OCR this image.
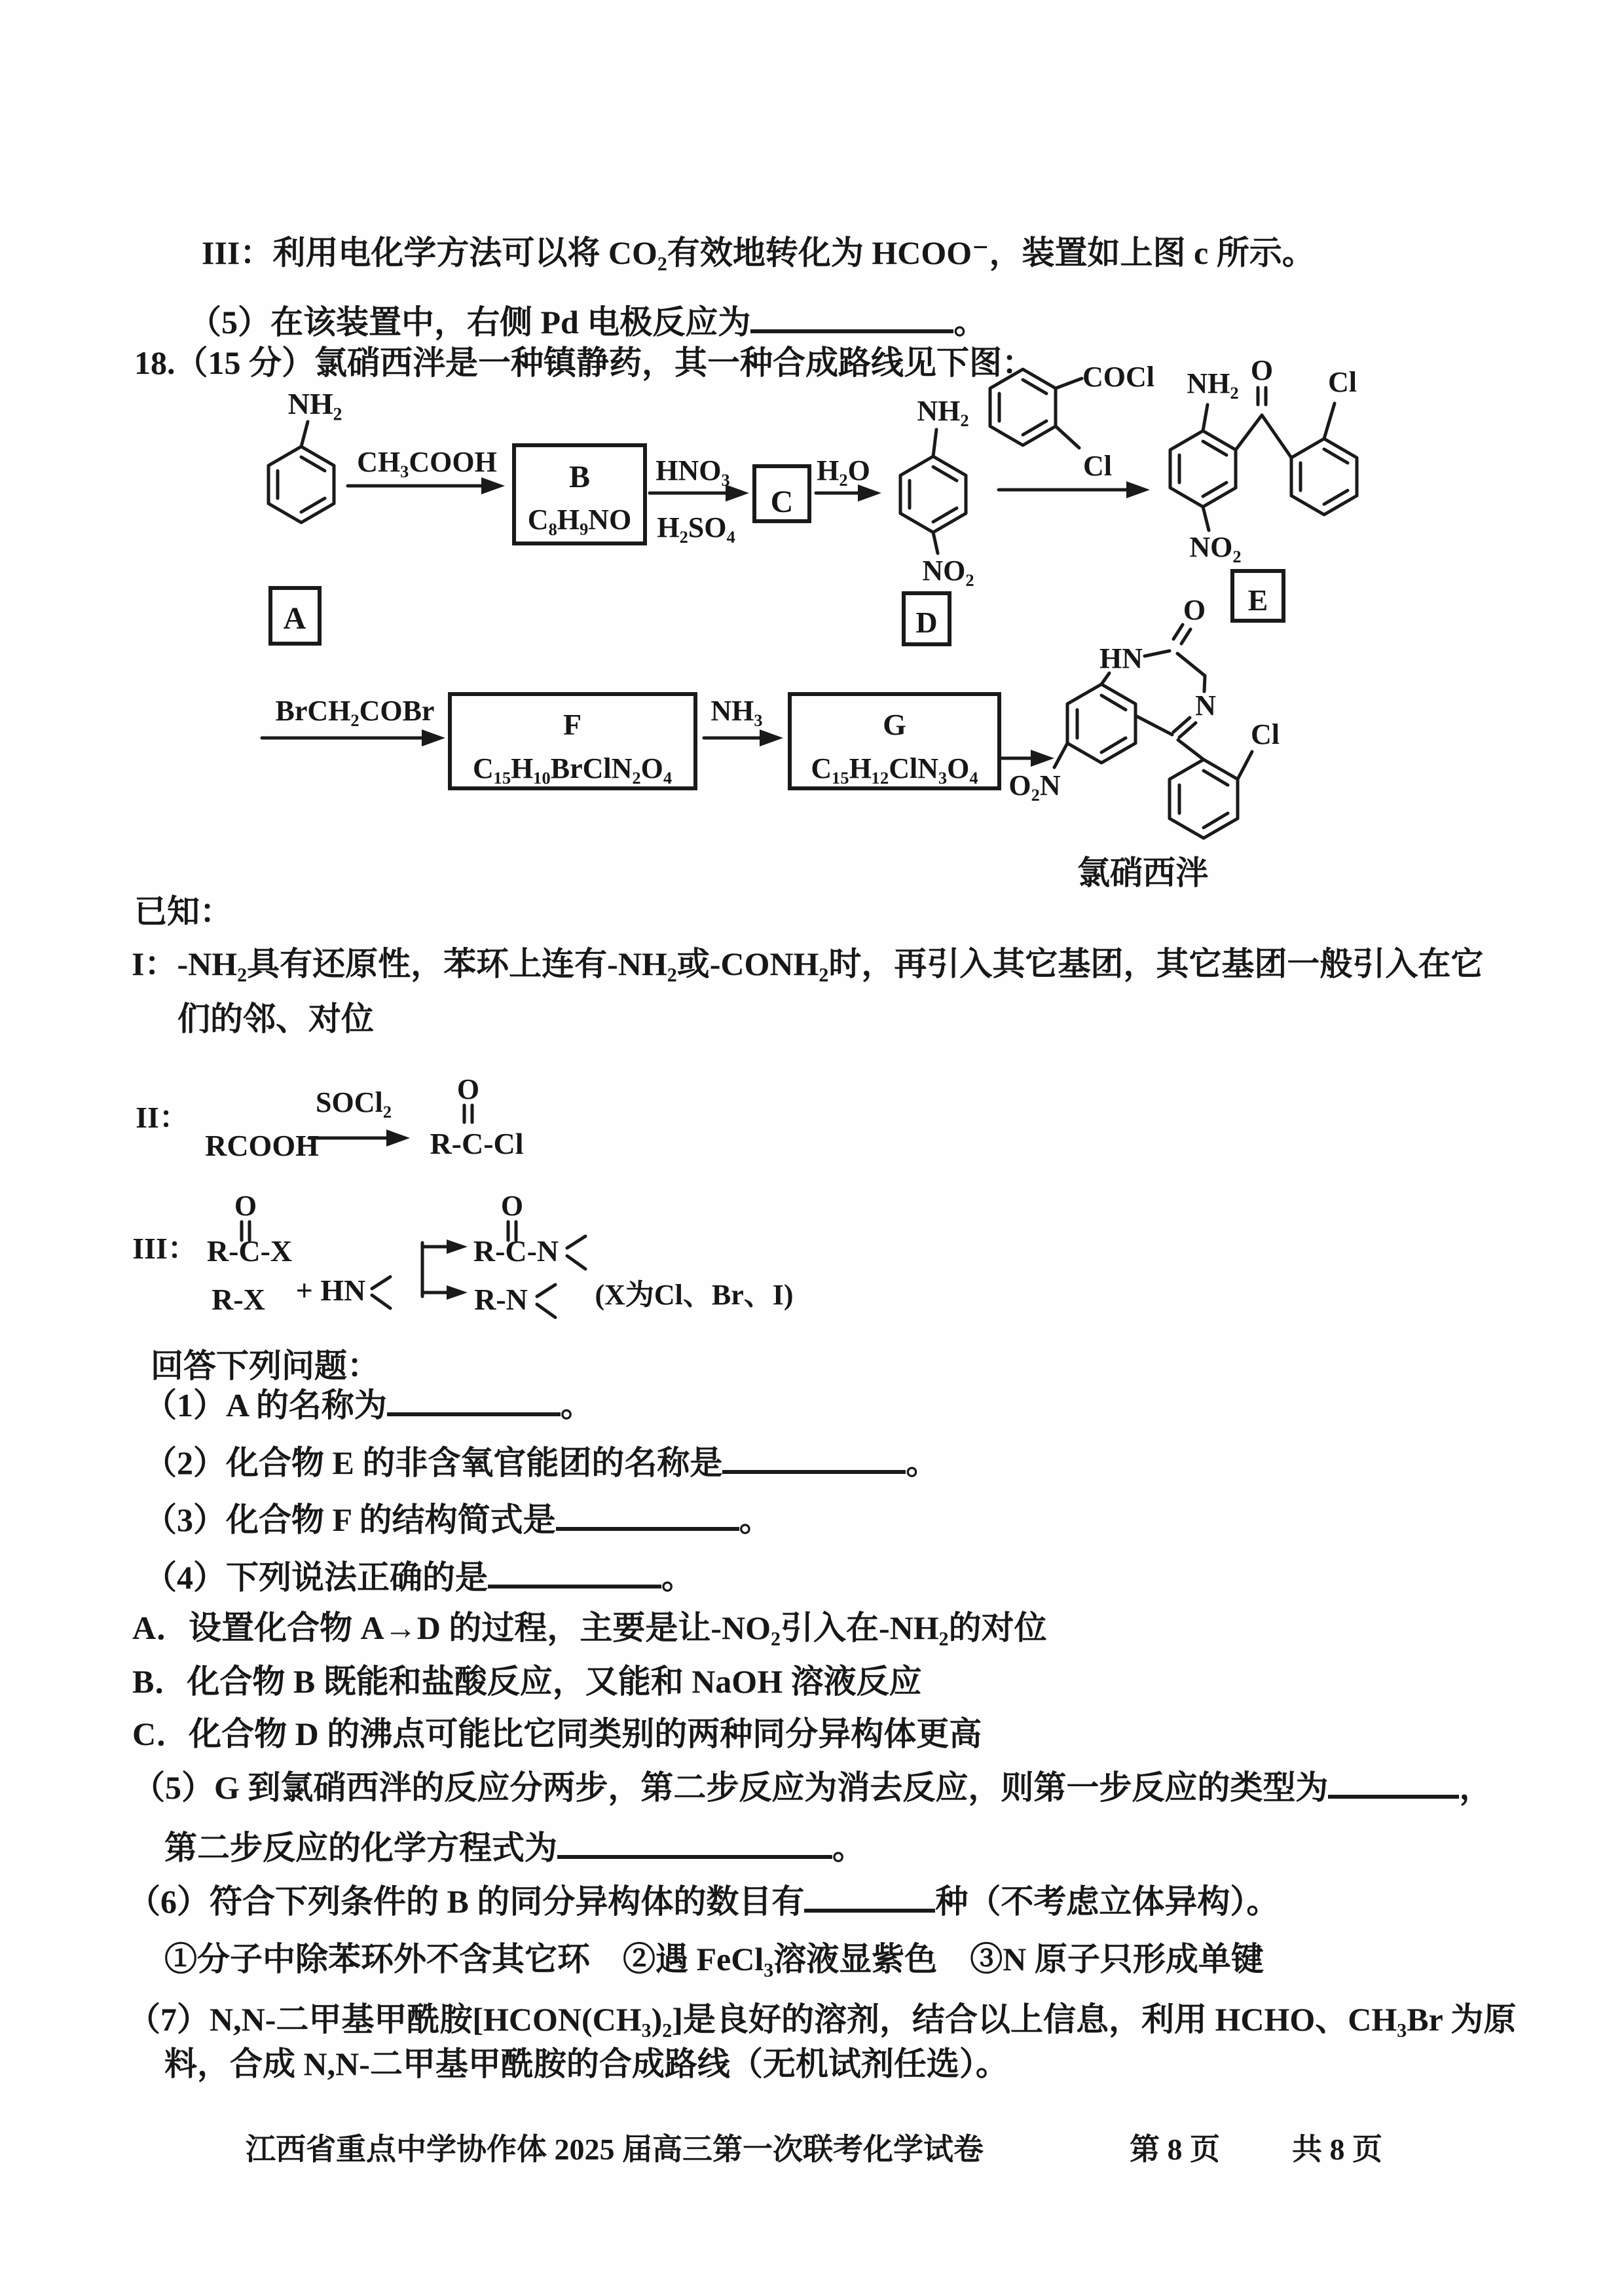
III：利用电化学方法可以将 CO₂有效地转化为 HCOO⁻，装置如上图 c 所示。
（5）在该装置中，右侧 Pd 电极反应为	。
18.（15 分）氯硝西泮是一种镇静药，其一种合成路线见下图：
NH₂
A
CH₃COOH B
C₈H₉NO
HNO₃
H₂SO₄
C
H₂O
NH₂
NO₂
D
COCl
Cl
NH₂ O Cl
NO₂
E
BrCH₂COBr	F
C₁₅H₁₀BrClN₂O₄
NH₃	G
C₁₅H₁₂ClN₃O₄
HN
O
N
Cl
O₂N
氯硝西泮
已知：
I：-NH₂具有还原性，苯环上连有-NH₂或-CONH₂时，再引入其它基团，其它基团一般引入在它
们的邻、对位
II：
RCOOH
SOCl₂ O
R-C-Cl
III：
O
R-C-X
R-X + HN
O
R-C-N
R-N (X为Cl、Br、I)
回答下列问题：
（1）A 的名称为	。
（2）化合物 E 的非含氧官能团的名称是	。
（3）化合物 F 的结构简式是	。
（4）下列说法正确的是	。
A．设置化合物 A→D 的过程，主要是让-NO₂引入在-NH₂的对位
B．化合物 B 既能和盐酸反应，又能和 NaOH 溶液反应
C．化合物 D 的沸点可能比它同类别的两种同分异构体更高
（5）G 到氯硝西泮的反应分两步，第二步反应为消去反应，则第一步反应的类型为	，
第二步反应的化学方程式为	。
（6）符合下列条件的 B 的同分异构体的数目有	种（不考虑立体异构）。
①分子中除苯环外不含其它环　②遇 FeCl₃溶液显紫色　③N 原子只形成单键
（7）N,N-二甲基甲酰胺[HCON(CH₃)₂]是良好的溶剂，结合以上信息，利用 HCHO、CH₃Br 为原
料，合成 N,N-二甲基甲酰胺的合成路线（无机试剂任选）。
江西省重点中学协作体 2025 届高三第一次联考化学试卷	第 8 页 共 8 页
